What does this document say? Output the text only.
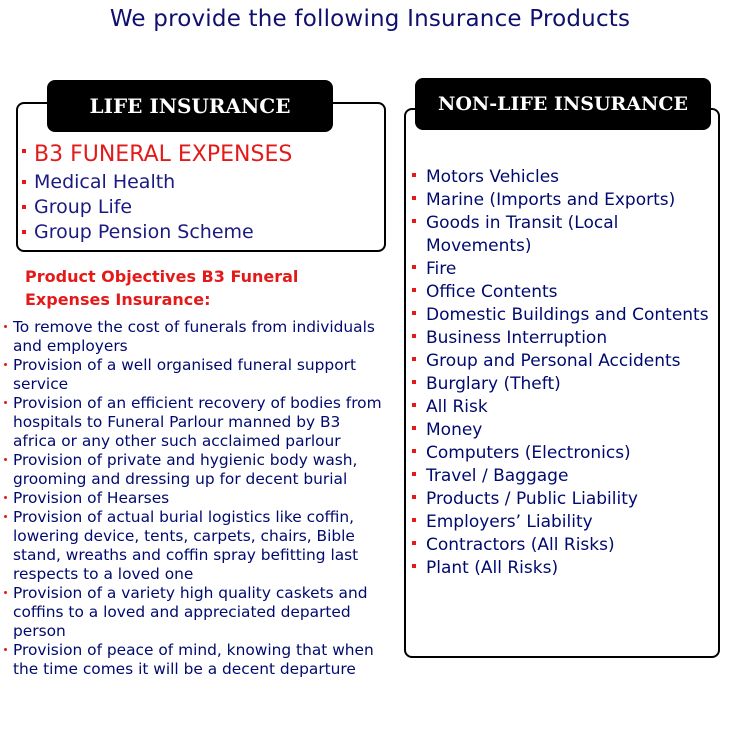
We provide the following Insurance Products
LIFE INSURANCE
B3 FUNERAL EXPENSES
Medical Health
Group Life
Group Pension Scheme
Product Objectives B3 Funeral Expenses Insurance:
To remove the cost of funerals from individuals and employers
Provision of a well organised funeral support service
Provision of an efficient recovery of bodies from hospitals to Funeral Parlour manned by B3 africa or any other such acclaimed parlour
Provision of private and hygienic body wash, grooming and dressing up for decent burial
Provision of Hearses
Provision of actual burial logistics like coffin, lowering device, tents, carpets, chairs, Bible stand, wreaths and coffin spray befitting last respects to a loved one
Provision of a variety high quality caskets and coffins to a loved and appreciated departed person
Provision of peace of mind, knowing that when the time comes it will be a decent departure
NON-LIFE INSURANCE
Motors Vehicles
Marine (Imports and Exports)
Goods in Transit (Local Movements)
Fire
Office Contents
Domestic Buildings and Contents
Business Interruption
Group and Personal Accidents
Burglary (Theft)
All Risk
Money
Computers (Electronics)
Travel / Baggage
Products / Public Liability
Employers’ Liability
Contractors (All Risks)
Plant (All Risks)
